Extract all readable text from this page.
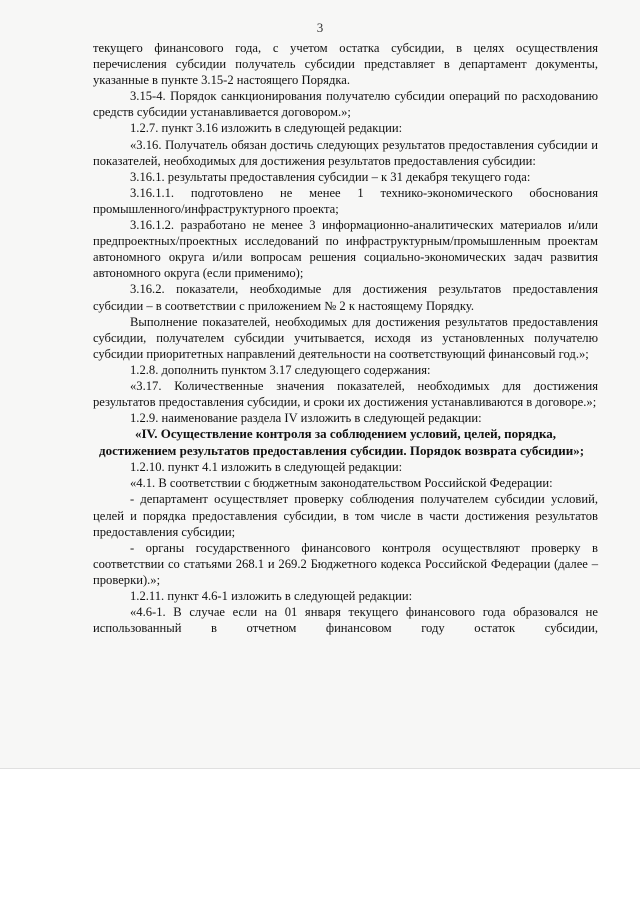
3

текущего финансового года, с учетом остатка субсидии, в целях осуществления перечисления субсидии получатель субсидии представляет в департамент документы, указанные в пункте 3.15-2 настоящего Порядка.

3.15-4. Порядок санкционирования получателю субсидии операций по расходованию средств субсидии устанавливается договором.»;

1.2.7. пункт 3.16 изложить в следующей редакции:

«3.16. Получатель обязан достичь следующих результатов предоставления субсидии и показателей, необходимых для достижения результатов предоставления субсидии:

3.16.1. результаты предоставления субсидии – к 31 декабря текущего года:

3.16.1.1. подготовлено не менее 1 технико-экономического обоснования промышленного/инфраструктурного проекта;

3.16.1.2. разработано не менее 3 информационно-аналитических материалов и/или предпроектных/проектных исследований по инфраструктурным/промышленным проектам автономного округа и/или вопросам решения социально-экономических задач развития автономного округа (если применимо);

3.16.2. показатели, необходимые для достижения результатов предоставления субсидии – в соответствии с приложением № 2 к настоящему Порядку.

Выполнение показателей, необходимых для достижения результатов предоставления субсидии, получателем субсидии учитывается, исходя из установленных получателю субсидии приоритетных направлений деятельности на соответствующий финансовый год.»;

1.2.8. дополнить пунктом 3.17 следующего содержания:

«3.17. Количественные значения показателей, необходимых для достижения результатов предоставления субсидии, и сроки их достижения устанавливаются в договоре.»;

1.2.9. наименование раздела IV изложить в следующей редакции:

«IV. Осуществление контроля за соблюдением условий, целей, порядка, достижением результатов предоставления субсидии. Порядок возврата субсидии»;

1.2.10. пункт 4.1 изложить в следующей редакции:

«4.1. В соответствии с бюджетным законодательством Российской Федерации:

- департамент осуществляет проверку соблюдения получателем субсидии условий, целей и порядка предоставления субсидии, в том числе в части достижения результатов предоставления субсидии;

- органы государственного финансового контроля осуществляют проверку в соответствии со статьями 268.1 и 269.2 Бюджетного кодекса Российской Федерации (далее – проверки).»;

1.2.11. пункт 4.6-1 изложить в следующей редакции:

«4.6-1. В случае если на 01 января текущего финансового года образовался не использованный в отчетном финансовом году остаток субсидии,
